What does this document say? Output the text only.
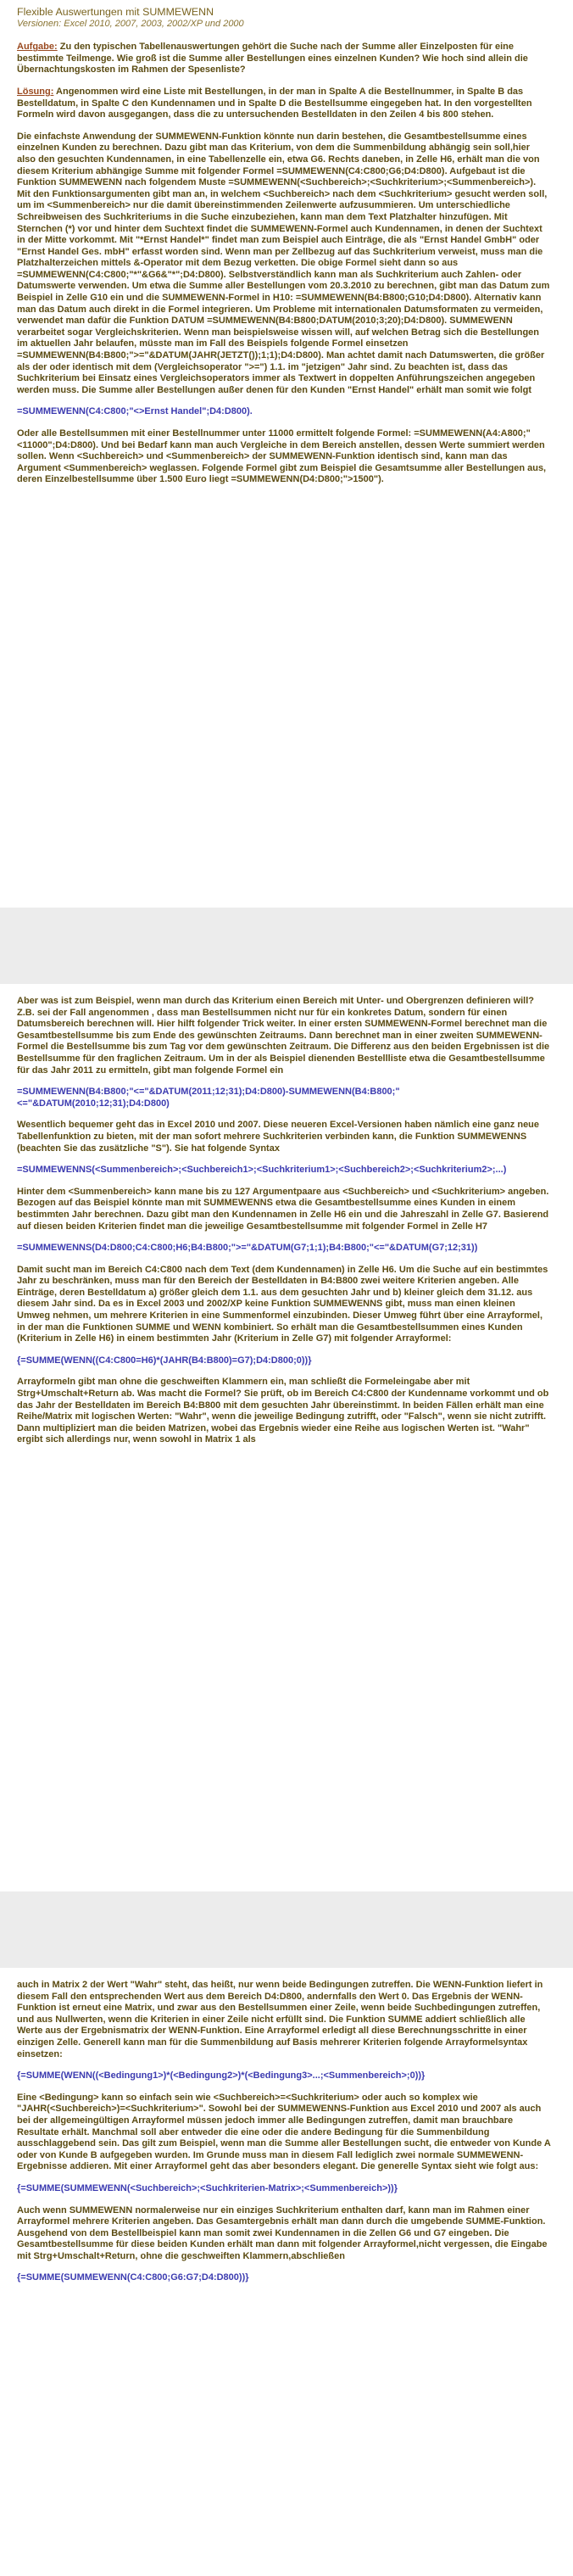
Flexible Auswertungen mit SUMMEWENN

Versionen: Excel 2010, 2007, 2003, 2002/XP und 2000

Aufgabe: Zu den typischen Tabellenauswertungen gehört die Suche nach der Summe aller Einzelposten für eine bestimmte Teilmenge. Wie groß ist die Summe aller Bestellungen eines einzelnen Kunden? Wie hoch sind allein die Übernachtungskosten im Rahmen der Spesenliste?

Lösung: Angenommen wird eine Liste mit Bestellungen, in der man in Spalte A die Bestellnummer, in Spalte B das Bestelldatum, in Spalte C den Kundennamen und in Spalte D die Bestellsumme eingegeben hat. In den vorgestellten Formeln wird davon ausgegangen, dass die zu untersuchenden Bestelldaten in den Zeilen 4 bis 800 stehen.

Die einfachste Anwendung der SUMMEWENN-Funktion könnte nun darin bestehen, die Gesamtbestellsumme eines einzelnen Kunden zu berechnen. Dazu gibt man das Kriterium, von dem die Summenbildung abhängig sein soll,hier also den gesuchten Kundennamen, in eine Tabellenzelle ein, etwa G6. Rechts daneben, in Zelle H6, erhält man die von diesem Kriterium abhängige Summe mit folgender Formel =SUMMEWENN(C4:C800;G6;D4:D800). Aufgebaut ist die Funktion SUMMEWENN nach folgendem Muste =SUMMEWENN(<Suchbereich>;<Suchkriterium>;<Summenbereich>). Mit den Funktionsargumenten gibt man an, in welchem <Suchbereich> nach dem <Suchkriterium> gesucht werden soll, um im <Summenbereich> nur die damit übereinstimmenden Zeilenwerte aufzusummieren. Um unterschiedliche Schreibweisen des Suchkriteriums in die Suche einzubeziehen, kann man dem Text Platzhalter hinzufügen. Mit Sternchen (*) vor und hinter dem Suchtext findet die SUMMEWENN-Formel auch Kundennamen, in denen der Suchtext in der Mitte vorkommt. Mit "*Ernst Handel*" findet man zum Beispiel auch Einträge, die als "Ernst Handel GmbH" oder "Ernst Handel Ges. mbH" erfasst worden sind. Wenn man per Zellbezug auf das Suchkriterium verweist, muss man die Platzhalterzeichen mittels &-Operator mit dem Bezug verketten. Die obige Formel sieht dann so aus =SUMMEWENN(C4:C800;"*"&G6&"*";D4:D800). Selbstverständlich kann man als Suchkriterium auch Zahlen- oder Datumswerte verwenden. Um etwa die Summe aller Bestellungen vom 20.3.2010 zu berechnen, gibt man das Datum zum Beispiel in Zelle G10 ein und die SUMMEWENN-Formel in H10: =SUMMEWENN(B4:B800;G10;D4:D800). Alternativ kann man das Datum auch direkt in die Formel integrieren. Um Probleme mit internationalen Datumsformaten zu vermeiden, verwendet man dafür die Funktion DATUM =SUMMEWENN(B4:B800;DATUM(2010;3;20);D4:D800). SUMMEWENN verarbeitet sogar Vergleichskriterien. Wenn man beispielsweise wissen will, auf welchen Betrag sich die Bestellungen im aktuellen Jahr belaufen, müsste man im Fall des Beispiels folgende Formel einsetzen =SUMMEWENN(B4:B800;">="&DATUM(JAHR(JETZT());1;1);D4:D800). Man achtet damit nach Datumswerten, die größer als der oder identisch mit dem (Vergleichsoperator ">=") 1.1. im "jetzigen" Jahr sind. Zu beachten ist, dass das Suchkriterium bei Einsatz eines Vergleichsoperators immer als Textwert in doppelten Anführungszeichen angegeben werden muss. Die Summe aller Bestellungen außer denen für den Kunden "Ernst Handel" erhält man somit wie folgt

=SUMMEWENN(C4:C800;"<>Ernst Handel";D4:D800).

Oder alle Bestellsummen mit einer Bestellnummer unter 11000 ermittelt folgende Formel: =SUMMEWENN(A4:A800;"<11000";D4:D800). Und bei Bedarf kann man auch Vergleiche in dem Bereich anstellen, dessen Werte summiert werden sollen. Wenn <Suchbereich> und <Summenbereich> der SUMMEWENN-Funktion identisch sind, kann man das Argument <Summenbereich> weglassen. Folgende Formel gibt zum Beispiel die Gesamtsumme aller Bestellungen aus, deren Einzelbestellsumme über 1.500 Euro liegt =SUMMEWENN(D4:D800;">1500").

Aber was ist zum Beispiel, wenn man durch das Kriterium einen Bereich mit Unter- und Obergrenzen definieren will? Z.B. sei der Fall angenommen , dass man Bestellsummen nicht nur für ein konkretes Datum, sondern für einen Datumsbereich berechnen will. Hier hilft folgender Trick weiter. In einer ersten SUMMEWENN-Formel berechnet man die Gesamtbestellsumme bis zum Ende des gewünschten Zeitraums. Dann berechnet man in einer zweiten SUMMEWENN-Formel die Bestellsumme bis zum Tag vor dem gewünschten Zeitraum. Die Differenz aus den beiden Ergebnissen ist die Bestellsumme für den fraglichen Zeitraum. Um in der als Beispiel dienenden Bestellliste etwa die Gesamtbestellsumme für das Jahr 2011 zu ermitteln, gibt man folgende Formel ein

=SUMMEWENN(B4:B800;"<="&DATUM(2011;12;31);D4:D800)-SUMMEWENN(B4:B800;"<="&DATUM(2010;12;31);D4:D800)

Wesentlich bequemer geht das in Excel 2010 und 2007. Diese neueren Excel-Versionen haben nämlich eine ganz neue Tabellenfunktion zu bieten, mit der man sofort mehrere Suchkriterien verbinden kann, die Funktion SUMMEWENNS (beachten Sie das zusätzliche "S"). Sie hat folgende Syntax

=SUMMEWENNS(<Summenbereich>;<Suchbereich1>;<Suchkriterium1>;<Suchbereich2>;<Suchkriterium2>;...)

Hinter dem <Summenbereich> kann mane bis zu 127 Argumentpaare aus <Suchbereich> und <Suchkriterium> angeben. Bezogen auf das Beispiel könnte man mit SUMMEWENNS etwa die Gesamtbestellsumme eines Kunden in einem bestimmten Jahr berechnen. Dazu gibt man den Kundennamen in Zelle H6 ein und die Jahreszahl in Zelle G7. Basierend auf diesen beiden Kriterien findet man die jeweilige Gesamtbestellsumme mit folgender Formel in Zelle H7

=SUMMEWENNS(D4:D800;C4:C800;H6;B4:B800;">="&DATUM(G7;1;1);B4:B800;"<="&DATUM(G7;12;31))

Damit sucht man im Bereich C4:C800 nach dem Text (dem Kundennamen) in Zelle H6. Um die Suche auf ein bestimmtes Jahr zu beschränken, muss man für den Bereich der Bestelldaten in B4:B800 zwei weitere Kriterien angeben. Alle Einträge, deren Bestelldatum a) größer gleich dem 1.1. aus dem gesuchten Jahr und b) kleiner gleich dem 31.12. aus diesem Jahr sind. Da es in Excel 2003 und 2002/XP keine Funktion SUMMEWENNS gibt, muss man einen kleinen Umweg nehmen, um mehrere Kriterien in eine Summenformel einzubinden. Dieser Umweg führt über eine Arrayformel, in der man die Funktionen SUMME und WENN kombiniert. So erhält man die Gesamtbestellsummen eines Kunden (Kriterium in Zelle H6) in einem bestimmten Jahr (Kriterium in Zelle G7) mit folgender Arrayformel:

{=SUMME(WENN((C4:C800=H6)*(JAHR(B4:B800)=G7);D4:D800;0))}

Arrayformeln gibt man ohne die geschweiften Klammern ein, man schließt die Formeleingabe aber mit Strg+Umschalt+Return ab. Was macht die Formel? Sie prüft, ob im Bereich C4:C800 der Kundenname vorkommt und ob das Jahr der Bestelldaten im Bereich B4:B800 mit dem gesuchten Jahr übereinstimmt. In beiden Fällen erhält man eine Reihe/Matrix mit logischen Werten: "Wahr", wenn die jeweilige Bedingung zutrifft, oder "Falsch", wenn sie nicht zutrifft. Dann multipliziert man die beiden Matrizen, wobei das Ergebnis wieder eine Reihe aus logischen Werten ist. "Wahr" ergibt sich allerdings nur, wenn sowohl in Matrix 1 als

auch in Matrix 2 der Wert "Wahr" steht, das heißt, nur wenn beide Bedingungen zutreffen. Die WENN-Funktion liefert in diesem Fall den entsprechenden Wert aus dem Bereich D4:D800, andernfalls den Wert 0. Das Ergebnis der WENN-Funktion ist erneut eine Matrix, und zwar aus den Bestellsummen einer Zeile, wenn beide Suchbedingungen zutreffen, und aus Nullwerten, wenn die Kriterien in einer Zeile nicht erfüllt sind. Die Funktion SUMME addiert schließlich alle Werte aus der Ergebnismatrix der WENN-Funktion. Eine Arrayformel erledigt all diese Berechnungsschritte in einer einzigen Zelle. Generell kann man für die Summenbildung auf Basis mehrerer Kriterien folgende Arrayformelsyntax einsetzen:

{=SUMME(WENN((<Bedingung1>)*(<Bedingung2>)*(<Bedingung3>...;<Summenbereich>;0))}

Eine <Bedingung> kann so einfach sein wie <Suchbereich>=<Suchkriterium> oder auch so komplex wie "JAHR(<Suchbereich>)=<Suchkriterium>". Sowohl bei der SUMMEWENNS-Funktion aus Excel 2010 und 2007 als auch bei der allgemeingültigen Arrayformel müssen jedoch immer alle Bedingungen zutreffen, damit man brauchbare Resultate erhält. Manchmal soll aber entweder die eine oder die andere Bedingung für die Summenbildung ausschlaggebend sein. Das gilt zum Beispiel, wenn man die Summe aller Bestellungen sucht, die entweder von Kunde A oder von Kunde B aufgegeben wurden. Im Grunde muss man in diesem Fall lediglich zwei normale SUMMEWENN-Ergebnisse addieren. Mit einer Arrayformel geht das aber besonders elegant. Die generelle Syntax sieht wie folgt aus:

{=SUMME(SUMMEWENN(<Suchbereich>;<Suchkriterien-Matrix>;<Summenbereich>))}

Auch wenn SUMMEWENN normalerweise nur ein einziges Suchkriterium enthalten darf, kann man im Rahmen einer Arrayformel mehrere Kriterien angeben. Das Gesamtergebnis erhält man dann durch die umgebende SUMME-Funktion. Ausgehend von dem Bestellbeispiel kann man somit zwei Kundennamen in die Zellen G6 und G7 eingeben. Die Gesamtbestellsumme für diese beiden Kunden erhält man dann mit folgender Arrayformel,nicht vergessen, die Eingabe mit Strg+Umschalt+Return, ohne die geschweiften Klammern,abschließen

{=SUMME(SUMMEWENN(C4:C800;G6:G7;D4:D800))}
